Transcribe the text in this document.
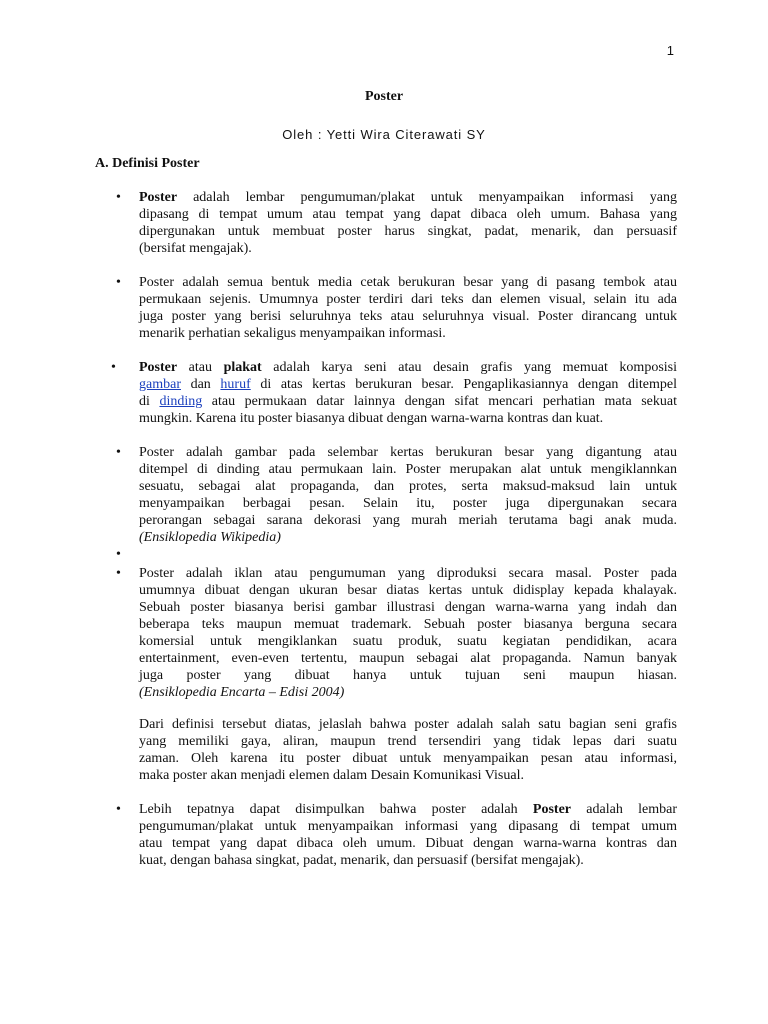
1
Poster
Oleh : Yetti Wira Citerawati SY
A. Definisi Poster
•
•
•
•
•
•
•
Poster adalah lembar pengumuman/plakat untuk menyampaikan informasi yang
dipasang di tempat umum atau tempat yang dapat dibaca oleh umum. Bahasa yang
dipergunakan untuk membuat poster harus singkat, padat, menarik, dan persuasif
(bersifat mengajak).
Poster adalah semua bentuk media cetak berukuran besar yang di pasang tembok atau
permukaan sejenis. Umumnya poster terdiri dari teks dan elemen visual, selain itu ada
juga poster yang berisi seluruhnya teks atau seluruhnya visual. Poster dirancang untuk
menarik perhatian sekaligus menyampaikan informasi.
Poster atau plakat adalah karya seni atau desain grafis yang memuat komposisi
gambar dan huruf di atas kertas berukuran besar. Pengaplikasiannya dengan ditempel
di dinding atau permukaan datar lainnya dengan sifat mencari perhatian mata sekuat
mungkin. Karena itu poster biasanya dibuat dengan warna-warna kontras dan kuat.
Poster adalah gambar pada selembar kertas berukuran besar yang digantung atau
ditempel di dinding atau permukaan lain. Poster merupakan alat untuk mengiklannkan
sesuatu, sebagai alat propaganda, dan protes, serta maksud-maksud lain untuk
menyampaikan berbagai pesan. Selain itu, poster juga dipergunakan secara
perorangan sebagai sarana dekorasi yang murah meriah terutama bagi anak muda.
(Ensiklopedia Wikipedia)
Poster adalah iklan atau pengumuman yang diproduksi secara masal. Poster pada
umumnya dibuat dengan ukuran besar diatas kertas untuk didisplay kepada khalayak.
Sebuah poster biasanya berisi gambar illustrasi dengan warna-warna yang indah dan
beberapa teks maupun memuat trademark. Sebuah poster biasanya berguna secara
komersial untuk mengiklankan suatu produk, suatu kegiatan pendidikan, acara
entertainment, even-even tertentu, maupun sebagai alat propaganda. Namun banyak
juga poster yang dibuat hanya untuk tujuan seni maupun hiasan.
(Ensiklopedia Encarta – Edisi 2004)
Dari definisi tersebut diatas, jelaslah bahwa poster adalah salah satu bagian seni grafis
yang memiliki gaya, aliran, maupun trend tersendiri yang tidak lepas dari suatu
zaman. Oleh karena itu poster dibuat untuk menyampaikan pesan atau informasi,
maka poster akan menjadi elemen dalam Desain Komunikasi Visual.
Lebih tepatnya dapat disimpulkan bahwa poster adalah Poster adalah lembar
pengumuman/plakat untuk menyampaikan informasi yang dipasang di tempat umum
atau tempat yang dapat dibaca oleh umum. Dibuat dengan warna-warna kontras dan
kuat, dengan bahasa singkat, padat, menarik, dan persuasif (bersifat mengajak).
